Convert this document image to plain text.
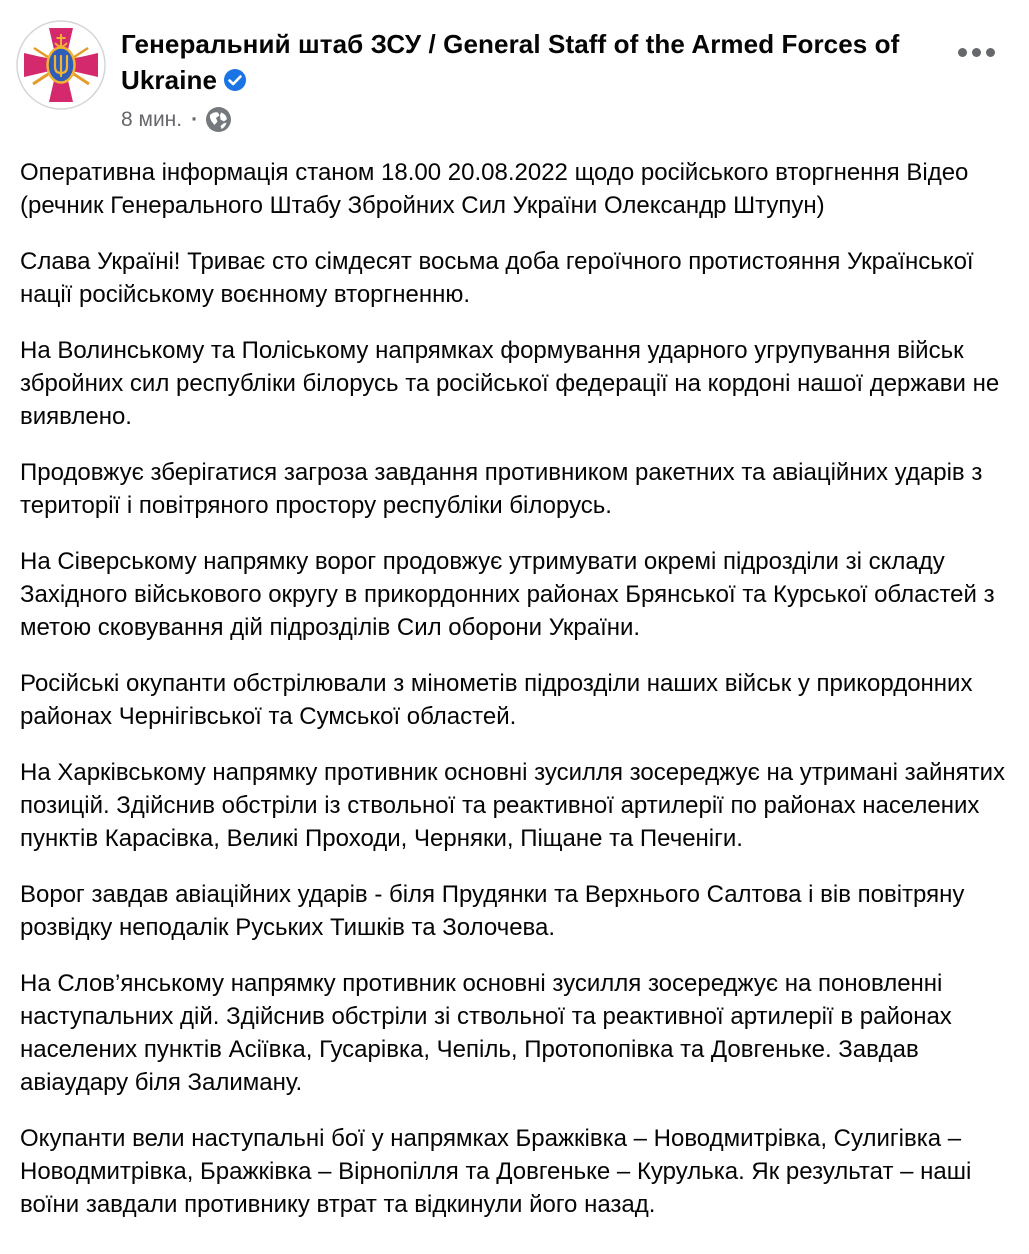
Генеральний штаб ЗСУ / General Staff of the Armed Forces of Ukraine
8 мин. ·

Оперативна інформація станом 18.00 20.08.2022 щодо російського вторгнення Відео (речник Генерального Штабу Збройних Сил України Олександр Штупун)

Слава Україні! Триває сто сімдесят восьма доба героїчного протистояння Української нації російському воєнному вторгненню.

На Волинському та Поліському напрямках формування ударного угрупування військ збройних сил республіки білорусь та російської федерації на кордоні нашої держави не виявлено.

Продовжує зберігатися загроза завдання противником ракетних та авіаційних ударів з території і повітряного простору республіки білорусь.

На Сіверському напрямку ворог продовжує утримувати окремі підрозділи зі складу Західного військового округу в прикордонних районах Брянської та Курської областей з метою сковування дій підрозділів Сил оборони України.

Російські окупанти обстрілювали з мінометів підрозділи наших військ у прикордонних районах Чернігівської та Сумської областей.

На Харківському напрямку противник основні зусилля зосереджує на утримані зайнятих позицій. Здійснив обстріли із ствольної та реактивної артилерії по районах населених пунктів Карасівка, Великі Проходи, Черняки, Піщане та Печеніги.

Ворог завдав авіаційних ударів - біля Прудянки та Верхнього Салтова і вів повітряну розвідку неподалік Руських Тишків та Золочева.

На Слов’янському напрямку противник основні зусилля зосереджує на поновленні наступальних дій. Здійснив обстріли зі ствольної та реактивної артилерії в районах населених пунктів Асіївка, Гусарівка, Чепіль, Протопопівка та Довгеньке. Завдав авіаудару біля Залиману.

Окупанти вели наступальні бої у напрямках Бражківка – Новодмитрівка, Сулигівка – Новодмитрівка, Бражківка – Вірнопілля та Довгеньке – Курулька. Як результат – наші воїни завдали противнику втрат та відкинули його назад.
